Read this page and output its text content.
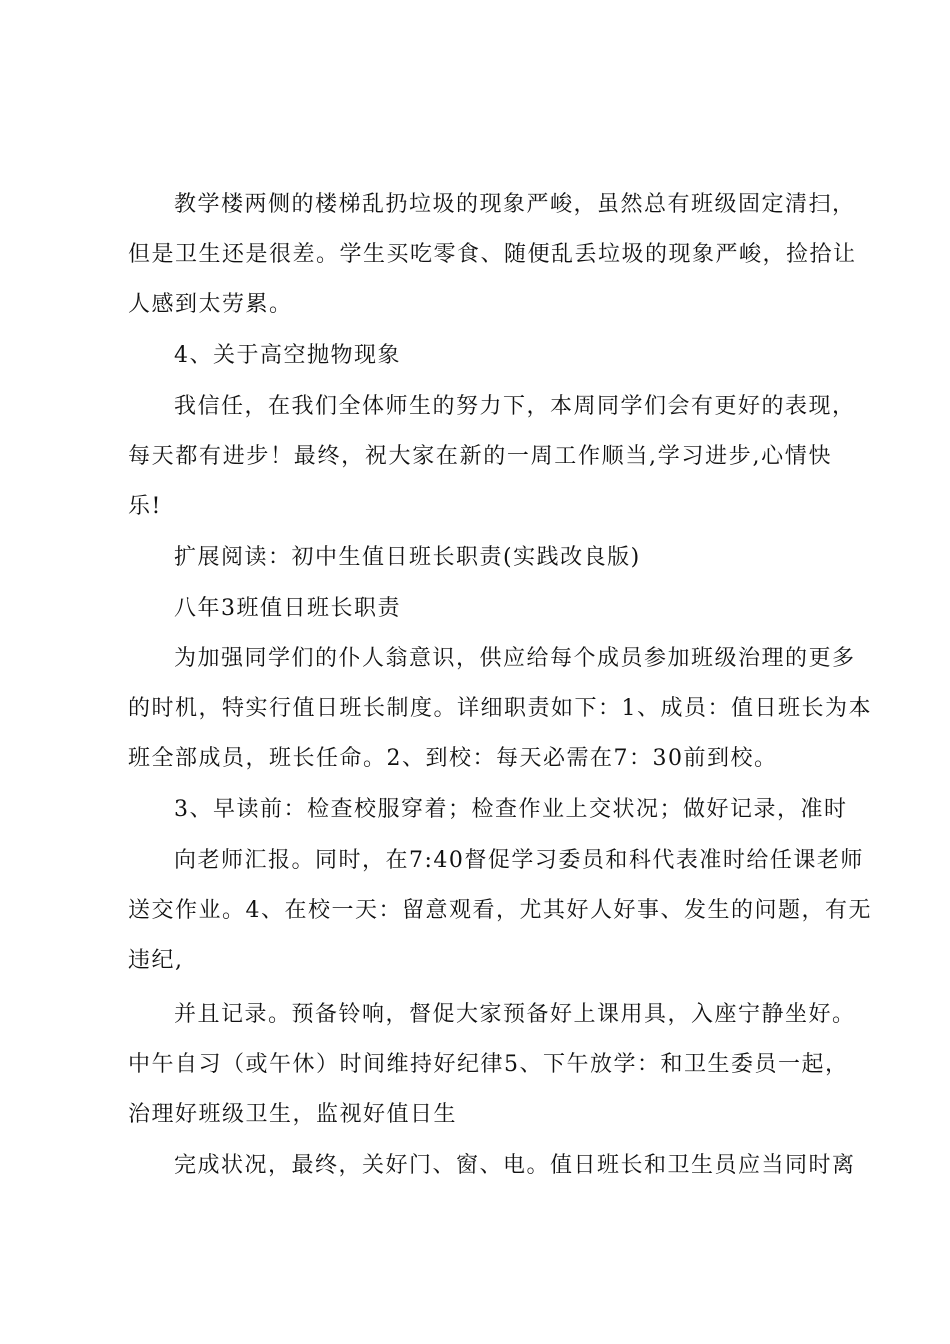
教学楼两侧的楼梯乱扔垃圾的现象严峻，虽然总有班级固定清扫，
但是卫生还是很差。学生买吃零食、随便乱丢垃圾的现象严峻，捡拾让
人感到太劳累。
4、关于高空抛物现象
我信任，在我们全体师生的努力下，本周同学们会有更好的表现，
每天都有进步！最终，祝大家在新的一周工作顺当,学习进步,心情快
乐!
扩展阅读：初中生值日班长职责(实践改良版)
八年3班值日班长职责
为加强同学们的仆人翁意识，供应给每个成员参加班级治理的更多
的时机，特实行值日班长制度。详细职责如下：1、成员：值日班长为本
班全部成员，班长任命。2、到校：每天必需在7：30前到校。
3、早读前：检查校服穿着；检查作业上交状况；做好记录，准时
向老师汇报。同时，在7:40督促学习委员和科代表准时给任课老师
送交作业。4、在校一天：留意观看，尤其好人好事、发生的问题，有无
违纪,
并且记录。预备铃响，督促大家预备好上课用具，入座宁静坐好。
中午自习（或午休）时间维持好纪律5、下午放学：和卫生委员一起，
治理好班级卫生，监视好值日生
完成状况，最终，关好门、窗、电。值日班长和卫生员应当同时离
